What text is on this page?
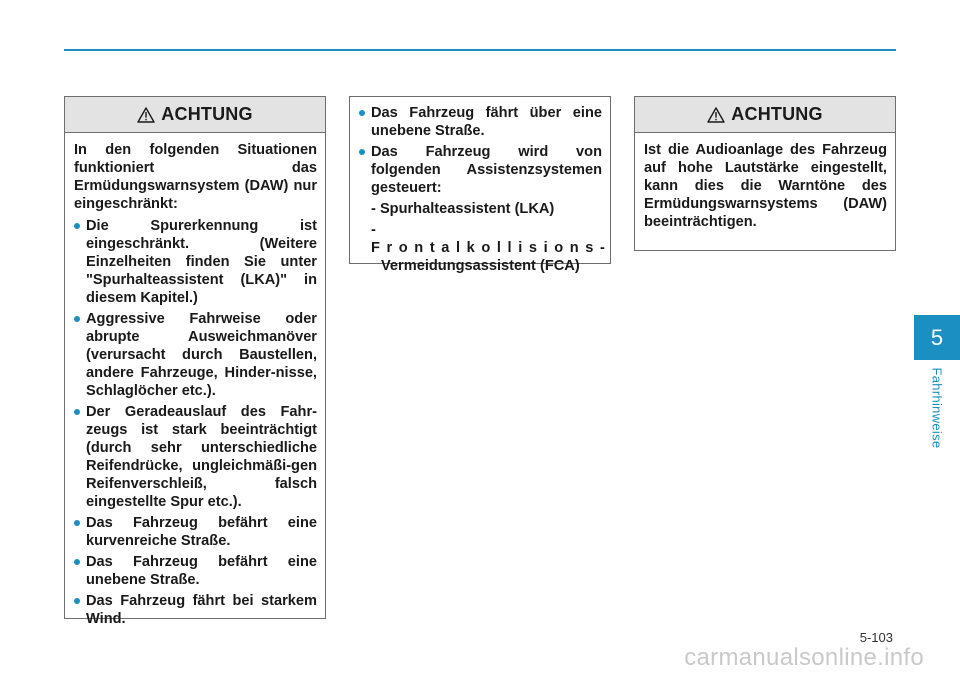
ACHTUNG

In den folgenden Situationen funktioniert das Ermüdungswarnsystem (DAW) nur eingeschränkt:

Die Spurerkennung ist eingeschränkt. (Weitere Einzelheiten finden Sie unter "Spurhalteassistent (LKA)" in diesem Kapitel.)
Aggressive Fahrweise oder abrupte Ausweichmanöver (verursacht durch Baustellen, andere Fahrzeuge, Hinder-nisse, Schlaglöcher etc.).
Der Geradeauslauf des Fahr-zeugs ist stark beeinträchtigt (durch sehr unterschiedliche Reifendrücke, ungleichmäßi-gen Reifenverschleiß, falsch eingestellte Spur etc.).
Das Fahrzeug befährt eine kurvenreiche Straße.
Das Fahrzeug befährt eine unebene Straße.
Das Fahrzeug fährt bei starkem Wind.
Das Fahrzeug fährt über eine unebene Straße.
Das Fahrzeug wird von folgenden Assistenzsystemen gesteuert:
- Spurhalteassistent (LKA)
- Frontalkollisions-
Vermeidungsassistent (FCA)
ACHTUNG

Ist die Audioanlage des Fahrzeug auf hohe Lautstärke eingestellt, kann dies die Warntöne des Ermüdungswarnsystems (DAW) beeinträchtigen.

5
Fahrhinweise
5-103
carmanualsonline.info
